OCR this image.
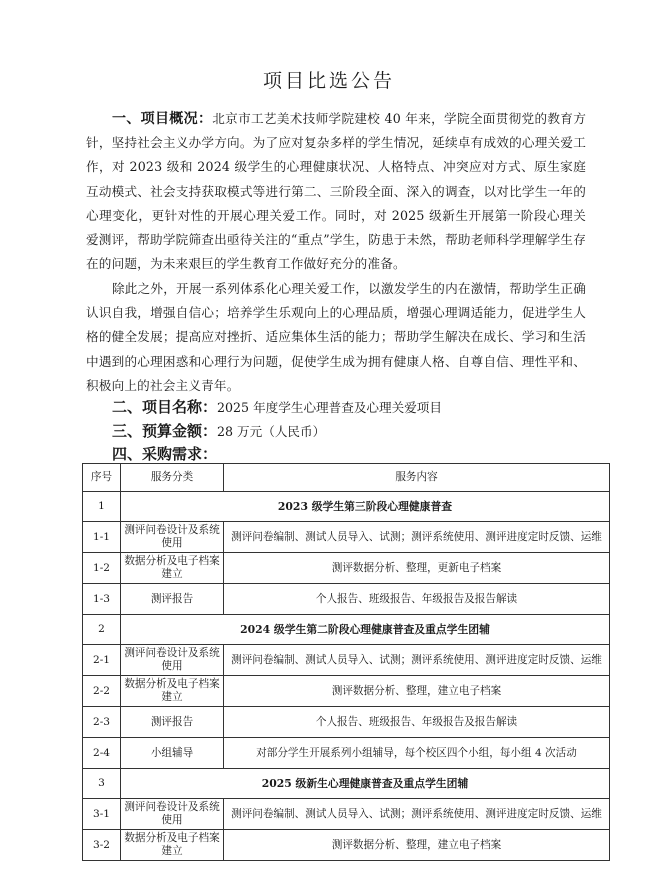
项目比选公告

一、项目概况：北京市工艺美术技师学院建校 40 年来，学院全面贯彻党的教育方针，坚持社会主义办学方向。为了应对复杂多样的学生情况，延续卓有成效的心理关爱工作，对 2023 级和 2024 级学生的心理健康状况、人格特点、冲突应对方式、原生家庭互动模式、社会支持获取模式等进行第二、三阶段全面、深入的调查，以对比学生一年的心理变化，更针对性的开展心理关爱工作。同时，对 2025 级新生开展第一阶段心理关爱测评，帮助学院筛查出亟待关注的“重点”学生，防患于未然，帮助老师科学理解学生存在的问题，为未来艰巨的学生教育工作做好充分的准备。

除此之外，开展一系列体系化心理关爱工作，以激发学生的内在激情，帮助学生正确认识自我，增强自信心；培养学生乐观向上的心理品质，增强心理调适能力，促进学生人格的健全发展；提高应对挫折、适应集体生活的能力；帮助学生解决在成长、学习和生活中遇到的心理困惑和心理行为问题，促使学生成为拥有健康人格、自尊自信、理性平和、积极向上的社会主义青年。

二、项目名称：2025 年度学生心理普查及心理关爱项目
三、预算金额：28 万元（人民币）
四、采购需求：
序号	服务分类	服务内容
1	2023 级学生第三阶段心理健康普查	
1-1	测评问卷设计及系统使用	测评问卷编制、测试人员导入、试测；测评系统使用、测评进度定时反馈、运维
1-2	数据分析及电子档案建立	测评数据分析、整理，更新电子档案
1-3	测评报告	个人报告、班级报告、年级报告及报告解读
2	2024 级学生第二阶段心理健康普查及重点学生团辅	
2-1	测评问卷设计及系统使用	测评问卷编制、测试人员导入、试测；测评系统使用、测评进度定时反馈、运维
2-2	数据分析及电子档案建立	测评数据分析、整理，建立电子档案
2-3	测评报告	个人报告、班级报告、年级报告及报告解读
2-4	小组辅导	对部分学生开展系列小组辅导，每个校区四个小组，每小组 4 次活动
3	2025 级新生心理健康普查及重点学生团辅	
3-1	测评问卷设计及系统使用	测评问卷编制、测试人员导入、试测；测评系统使用、测评进度定时反馈、运维
3-2	数据分析及电子档案建立	测评数据分析、整理，建立电子档案
